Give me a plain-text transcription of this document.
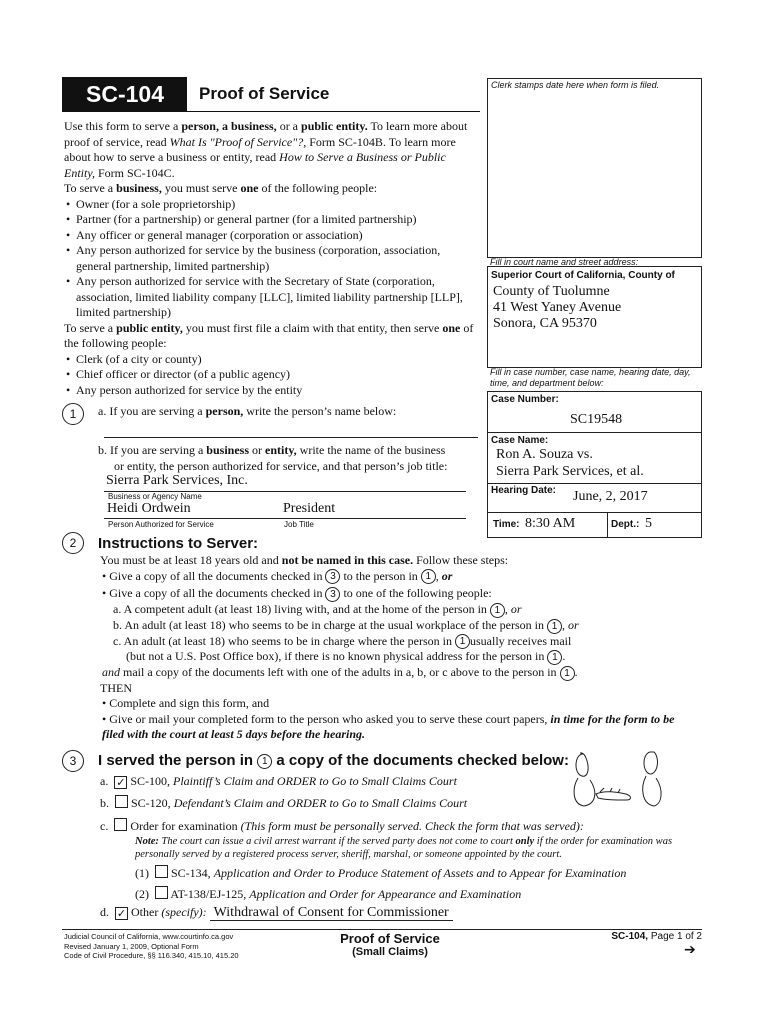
SC-104 Proof of Service	Clerk stamps date here when form is filed.
Fill in court name and street address:
Superior Court of California, County of
County of Tuolumne
41 West Yaney Avenue
Sonora, CA 95370
Fill in case number, case name, hearing date, day, time, and department below:
Case Number:
SC19548
Case Name:
Ron A. Souza vs.
Sierra Park Services, et al.
Hearing Date: June, 2, 2017
Time: 8:30 AM	Dept.: 5
Use this form to serve a person, a business, or a public entity. To learn more about proof of service, read What Is "Proof of Service"?, Form SC-104B. To learn more about how to serve a business or entity, read How to Serve a Business or Public Entity, Form SC-104C.
To serve a business, you must serve one of the following people:
• Owner (for a sole proprietorship)
• Partner (for a partnership) or general partner (for a limited partnership)
• Any officer or general manager (corporation or association)
• Any person authorized for service by the business (corporation, association, general partnership, limited partnership)
• Any person authorized for service with the Secretary of State (corporation, association, limited liability company [LLC], limited liability partnership [LLP], limited partnership)
To serve a public entity, you must first file a claim with that entity, then serve one of the following people:
• Clerk (of a city or county)
• Chief officer or director (of a public agency)
• Any person authorized for service by the entity
1	a. If you are serving a person, write the person’s name below:
b. If you are serving a business or entity, write the name of the business
or entity, the person authorized for service, and that person’s job title:
Sierra Park Services, Inc.
Business or Agency Name
Heidi Ordwein	President
Person Authorized for Service	Job Title
2	Instructions to Server:
You must be at least 18 years old and not be named in this case. Follow these steps:
• Give a copy of all the documents checked in 3 to the person in 1 , or
• Give a copy of all the documents checked in 3 to one of the following people:
a. A competent adult (at least 18) living with, and at the home of the person in 1 , or
b. An adult (at least 18) who seems to be in charge at the usual workplace of the person in 1 , or
c. An adult (at least 18) who seems to be in charge where the person in 1 usually receives mail
(but not a U.S. Post Office box), if there is no known physical address for the person in 1 .
and mail a copy of the documents left with one of the adults in a, b, or c above to the person in 1 .
THEN
• Complete and sign this form, and
• Give or mail your completed form to the person who asked you to serve these court papers, in time for the form to be filed with the court at least 5 days before the hearing.
3	I served the person in 1 a copy of the documents checked below:
a. ✓ SC-100, Plaintiff’s Claim and ORDER to Go to Small Claims Court
b. SC-120, Defendant’s Claim and ORDER to Go to Small Claims Court
c. Order for examination (This form must be personally served. Check the form that was served):
Note: The court can issue a civil arrest warrant if the served party does not come to court only if the order for examination was personally served by a registered process server, sheriff, marshal, or someone appointed by the court.
(1) SC-134, Application and Order to Produce Statement of Assets and to Appear for Examination
(2) AT-138/EJ-125, Application and Order for Appearance and Examination
d. ✓ Other (specify): Withdrawal of Consent for Commissioner
Judicial Council of California, www.courtinfo.ca.gov
Revised January 1, 2009, Optional Form
Code of Civil Procedure, §§ 116.340, 415.10, 415.20
Proof of Service
(Small Claims)
SC-104, Page 1 of 2
➔
